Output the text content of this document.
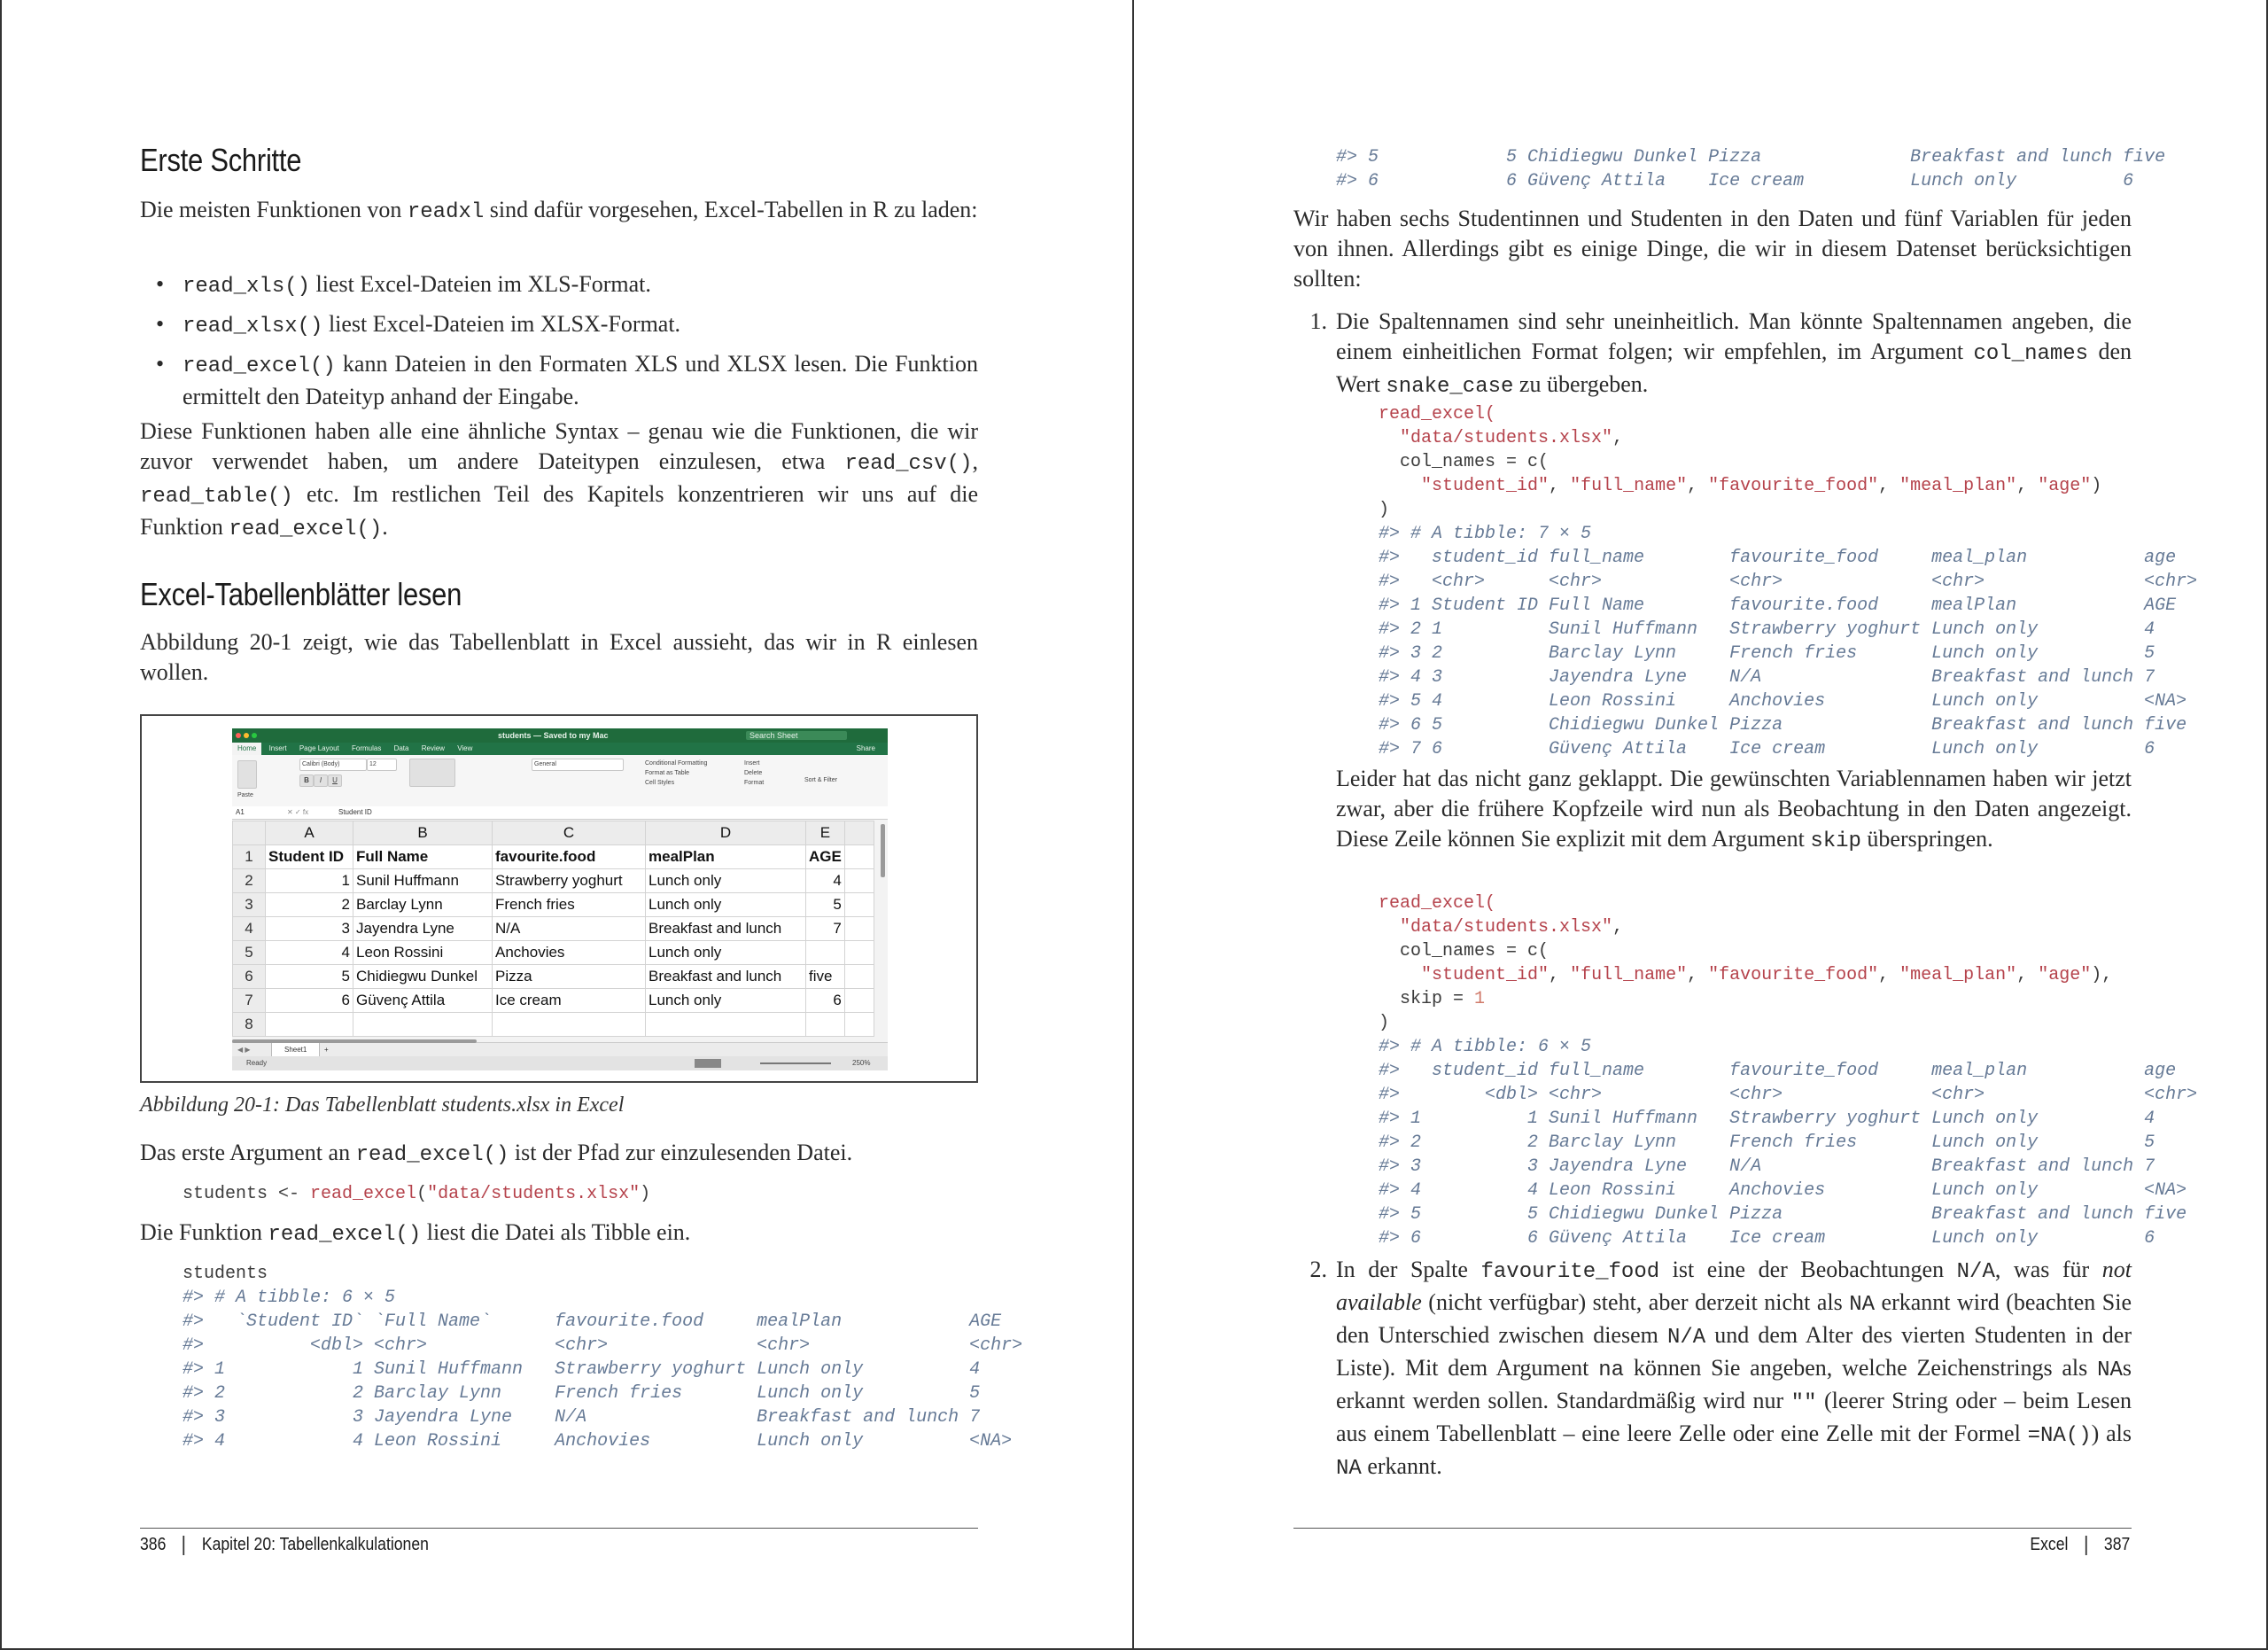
Erste Schritte

Die meisten Funktionen von readxl sind dafür vorgesehen, Excel-Tabellen in R zu laden:

• read_xls() liest Excel-Dateien im XLS-Format.
• read_xlsx() liest Excel-Dateien im XLSX-Format.
• read_excel() kann Dateien in den Formaten XLS und XLSX lesen. Die Funktion ermittelt den Dateityp anhand der Eingabe.

Diese Funktionen haben alle eine ähnliche Syntax – genau wie die Funktionen, die wir zuvor verwendet haben, um andere Dateitypen einzulesen, etwa read_csv(), read_table() etc. Im restlichen Teil des Kapitels konzentrieren wir uns auf die Funktion read_excel().

Excel-Tabellenblätter lesen
Abbildung 20-1 zeigt, wie das Tabellenblatt in Excel aussieht, das wir in R einlesen wollen.
students — Saved to my Mac	Search Sheet
Home Insert Page Layout Formulas Data Review View	Share
Paste
Calibri (Body)	12
B	I	U
General	Conditional Formatting
Format as Table
Cell Styles
Insert
Delete
Format	Sort & Filter
A1	✕ ✓ fx	Student ID
	A	B	C	D	E	
1	Student ID	Full Name	favourite.food	mealPlan	AGE	
2	1	Sunil Huffmann	Strawberry yoghurt	Lunch only	4	
3	2	Barclay Lynn	French fries	Lunch only	5	
4	3	Jayendra Lyne	N/A	Breakfast and lunch	7	
5	4	Leon Rossini	Anchovies	Lunch only		
6	5	Chidiegwu Dunkel	Pizza	Breakfast and lunch	five	
7	6	Güvenç Attila	Ice cream	Lunch only	6	
8						
◀ ▶	Sheet1	+
Ready	250%
Abbildung 20-1: Das Tabellenblatt students.xlsx in Excel

Das erste Argument an read_excel() ist der Pfad zur einzulesenden Datei.

students <- read_excel("data/students.xlsx")

Die Funktion read_excel() liest die Datei als Tibble ein.

students
#> # A tibble: 6 × 5
#>   `Student ID` `Full Name`      favourite.food     mealPlan            AGE
#>          <dbl> <chr>            <chr>              <chr>               <chr>
#> 1            1 Sunil Huffmann   Strawberry yoghurt Lunch only          4
#> 2            2 Barclay Lynn     French fries       Lunch only          5
#> 3            3 Jayendra Lyne    N/A                Breakfast and lunch 7
#> 4            4 Leon Rossini     Anchovies          Lunch only          <NA>
386 Kapitel 20: Tabellenkalkulationen
#> 5            5 Chidiegwu Dunkel Pizza              Breakfast and lunch five
#> 6            6 Güvenç Attila    Ice cream          Lunch only          6
Wir haben sechs Studentinnen und Studenten in den Daten und fünf Variablen für jeden von ihnen. Allerdings gibt es einige Dinge, die wir in diesem Datenset berücksichtigen sollten:
1. Die Spaltennamen sind sehr uneinheitlich. Man könnte Spaltennamen angeben, die einem einheitlichen Format folgen; wir empfehlen, im Argument col_names den Wert snake_case zu übergeben.
read_excel(
"data/students.xlsx",
col_names = c(
"student_id", "full_name", "favourite_food", "meal_plan", "age")
)
#> # A tibble: 7 × 5
#>   student_id full_name        favourite_food     meal_plan           age
#>   <chr>      <chr>            <chr>              <chr>               <chr>
#> 1 Student ID Full Name        favourite.food     mealPlan            AGE
#> 2 1          Sunil Huffmann   Strawberry yoghurt Lunch only          4
#> 3 2          Barclay Lynn     French fries       Lunch only          5
#> 4 3          Jayendra Lyne    N/A                Breakfast and lunch 7
#> 5 4          Leon Rossini     Anchovies          Lunch only          <NA>
#> 6 5          Chidiegwu Dunkel Pizza              Breakfast and lunch five
#> 7 6          Güvenç Attila    Ice cream          Lunch only          6

Leider hat das nicht ganz geklappt. Die gewünschten Variablennamen haben wir jetzt zwar, aber die frühere Kopfzeile wird nun als Beobachtung in den Daten angezeigt. Diese Zeile können Sie explizit mit dem Argument skip überspringen.

read_excel(
"data/students.xlsx",
col_names = c(
"student_id", "full_name", "favourite_food", "meal_plan", "age"),
skip = 1
)
#> # A tibble: 6 × 5
#>   student_id full_name        favourite_food     meal_plan           age
#>        <dbl> <chr>            <chr>              <chr>               <chr>
#> 1          1 Sunil Huffmann   Strawberry yoghurt Lunch only          4
#> 2          2 Barclay Lynn     French fries       Lunch only          5
#> 3          3 Jayendra Lyne    N/A                Breakfast and lunch 7
#> 4          4 Leon Rossini     Anchovies          Lunch only          <NA>
#> 5          5 Chidiegwu Dunkel Pizza              Breakfast and lunch five
#> 6          6 Güvenç Attila    Ice cream          Lunch only          6
2. In der Spalte favourite_food ist eine der Beobachtungen N/A, was für not available (nicht verfügbar) steht, aber derzeit nicht als NA erkannt wird (beachten Sie den Unterschied zwischen diesem N/A und dem Alter des vierten Studenten in der Liste). Mit dem Argument na können Sie angeben, welche Zeichenstrings als NAs erkannt werden sollen. Standardmäßig wird nur "" (leerer String oder – beim Lesen aus einem Tabellenblatt – eine leere Zelle oder eine Zelle mit der Formel =NA()) als NA erkannt.
Excel 387
